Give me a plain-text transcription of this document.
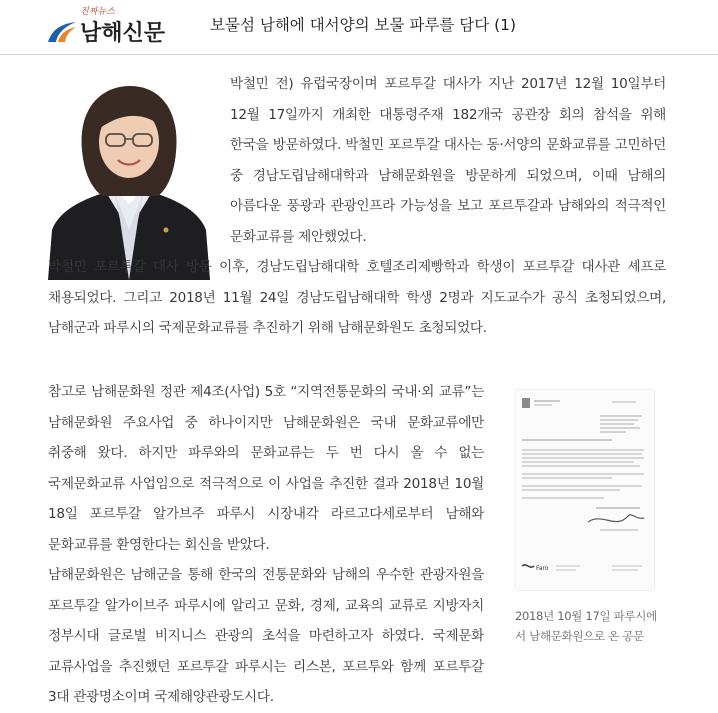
진짜뉴스
남해신문	보물섬 남해에 대서양의 보물 파루를 담다 (1)

박철민 전) 유럽국장이며 포르투갈 대사가 지난 2017년 12월 10일부터 12월 17일까지 개최한 대통령주재 182개국 공관장 회의 참석을 위해 한국을 방문하였다. 박철민 포르투갈 대사는 동·서양의 문화교류를 고민하던 중 경남도립남해대학과 남해문화원을 방문하게 되었으며, 이때 남해의 아름다운 풍광과 관광인프라 가능성을 보고 포르투갈과 남해와의 적극적인 문화교류를 제안했었다.

박철민 포르투갈 대사 방문 이후, 경남도립남해대학 호텔조리제빵학과 학생이 포르투갈 대사관 셰프로 채용되었다. 그리고 2018년 11월 24일 경남도립남해대학 학생 2명과 지도교수가 공식 초청되었으며, 남해군과 파루시의 국제문화교류를 추진하기 위해 남해문화원도 초청되었다.

참고로 남해문화원 정관 제4조(사업) 5호 “지역전통문화의 국내·외 교류”는 남해문화원 주요사업 중 하나이지만 남해문화원은 국내 문화교류에만 취중해 왔다. 하지만 파루와의 문화교류는 두 번 다시 올 수 없는 국제문화교류 사업임으로 적극적으로 이 사업을 추진한 결과 2018년 10월 18일 포르투갈 알가브주 파루시 시장내각 라르고다세로부터 남해와 문화교류를 환영한다는 회신을 받았다.

남해문화원은 남해군을 통해 한국의 전통문화와 남해의 우수한 관광자원을 포르투갈 알가이브주 파루시에 알리고 문화, 경제, 교육의 교류로 지방자치 정부시대 글로벌 비지니스 관광의 초석을 마련하고자 하였다. 국제문화 교류사업을 추진했던 포르투갈 파루시는 리스본, 포르투와 함께 포르투갈 3대 관광명소이며 국제해양관광도시다.

Faro
2018년 10월 17일 파루시에서 남해문화원으로 온 공문
